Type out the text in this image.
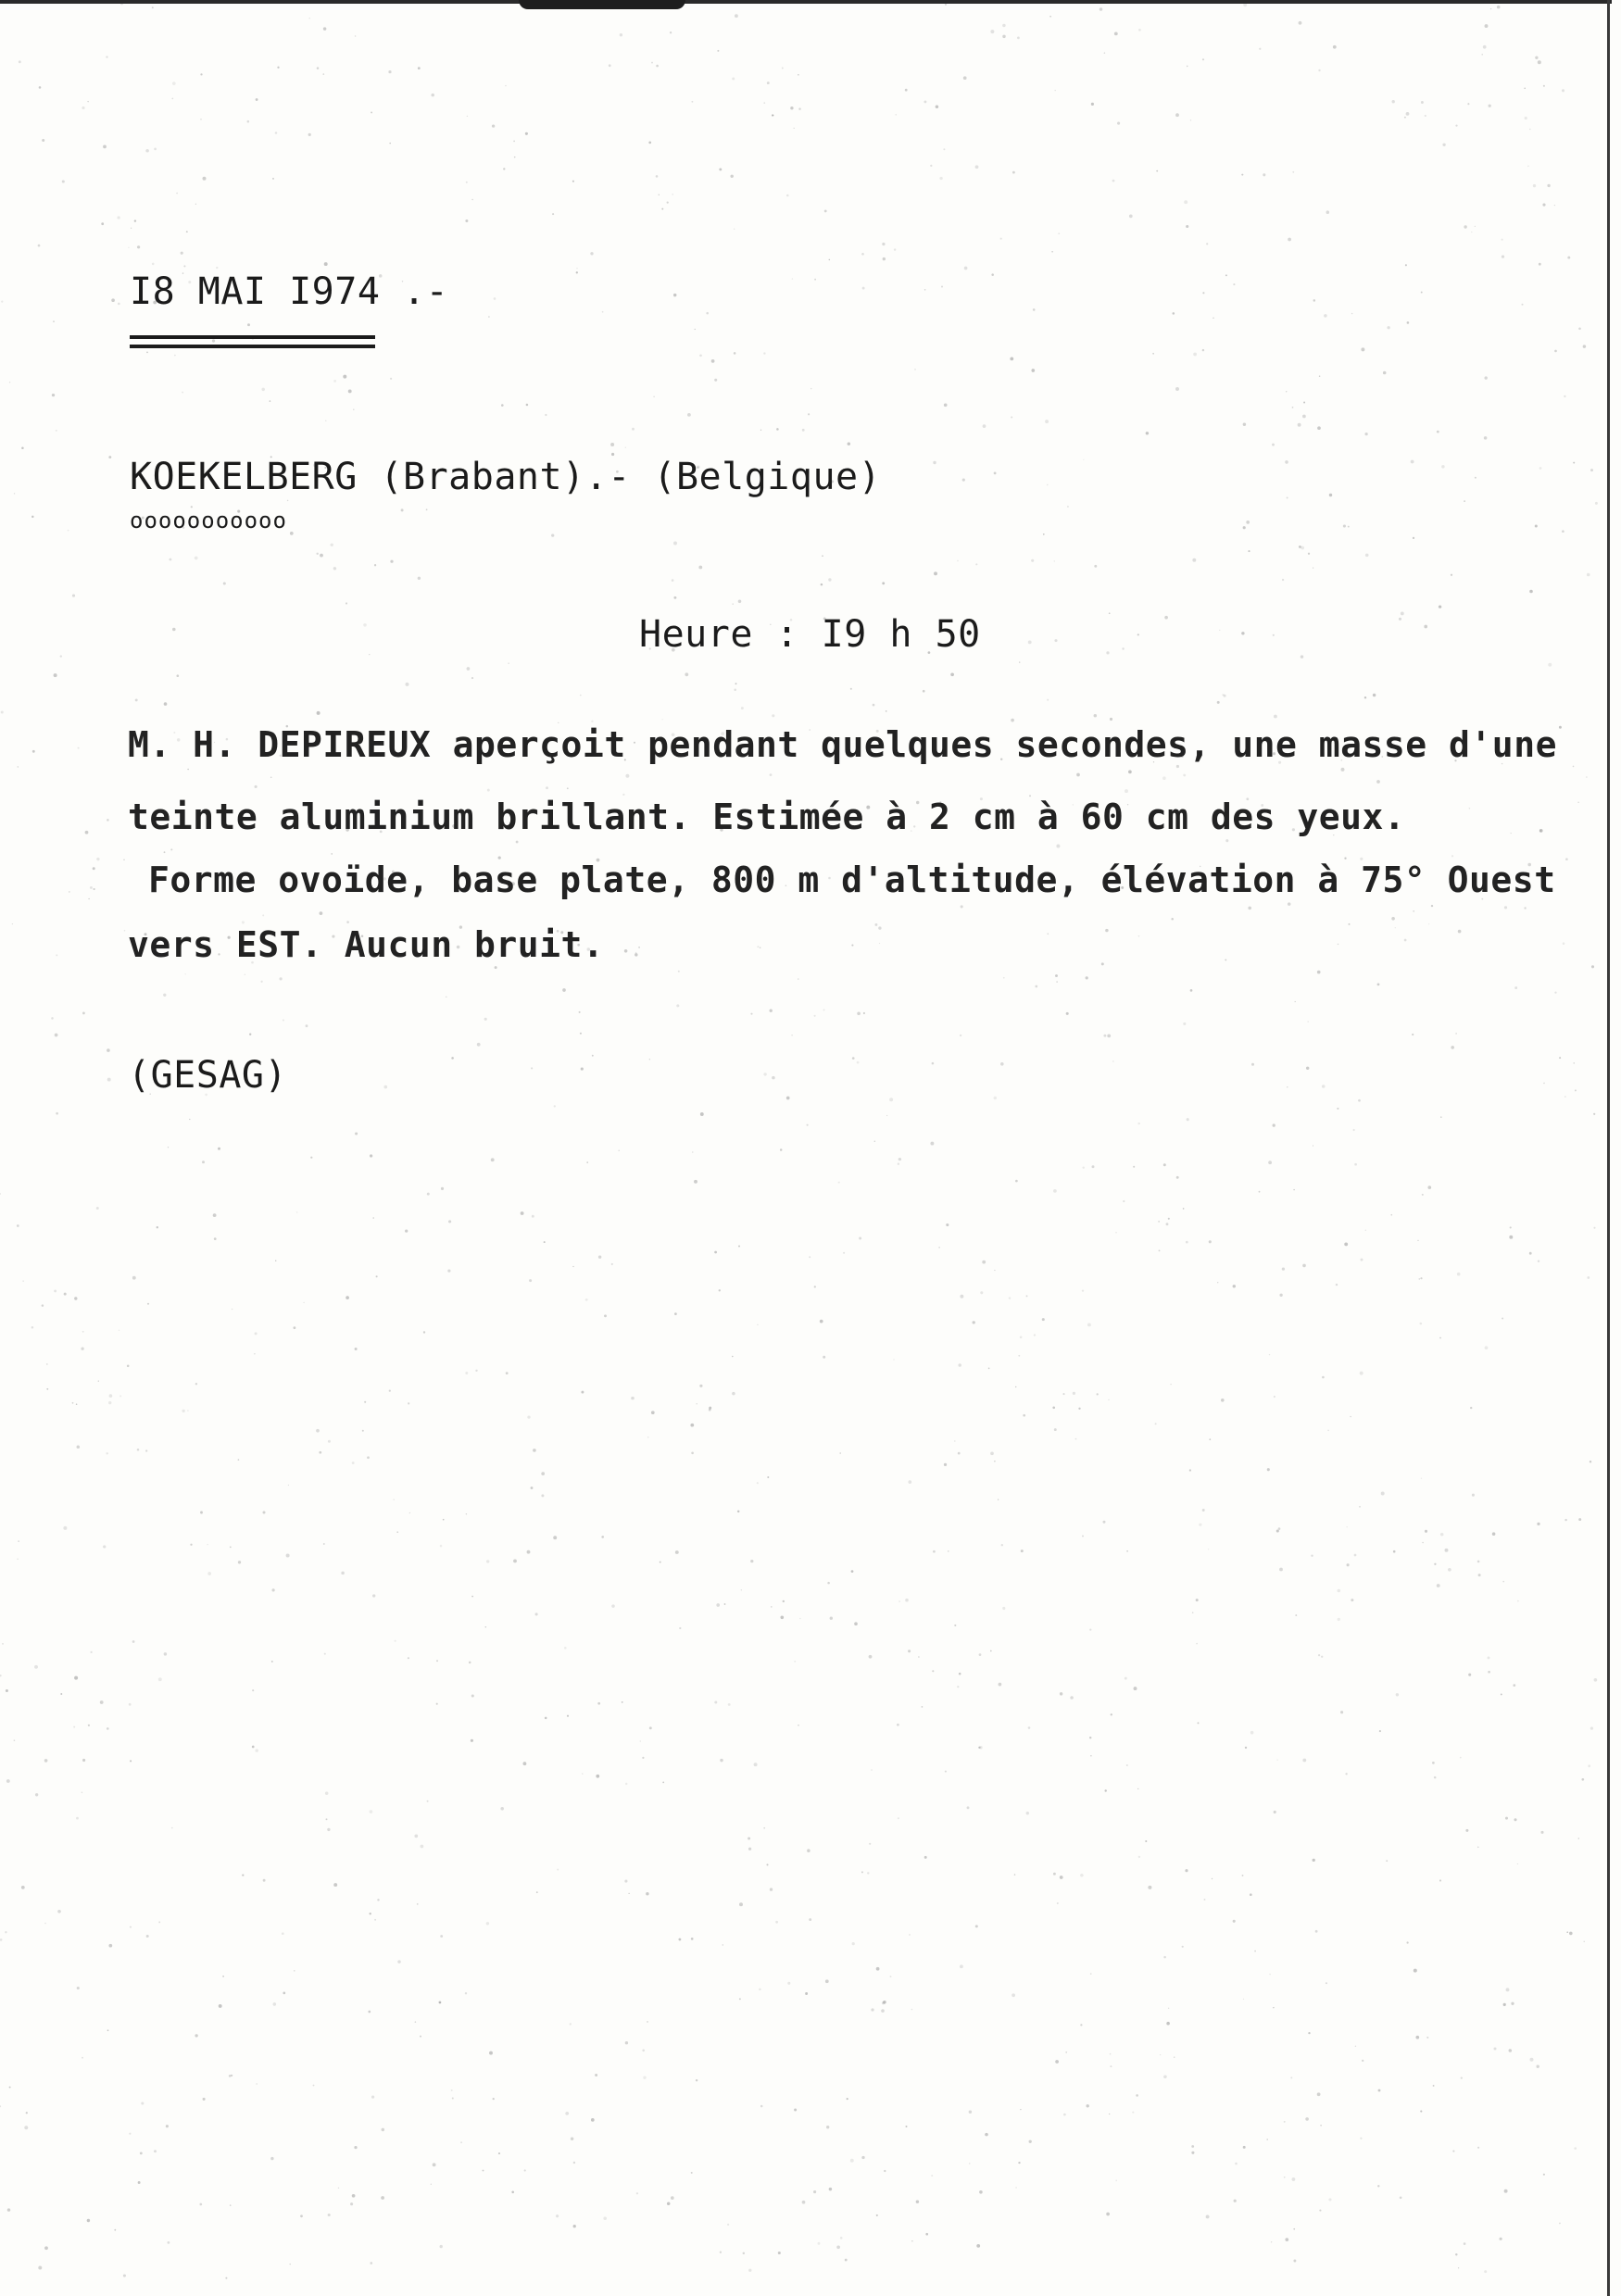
I8 MAI I974 .-

KOEKELBERG (Brabant).- (Belgique)

ooooooooooo

Heure : I9 h 50

M. H. DEPIREUX aperçoit pendant quelques secondes, une masse d'une

teinte aluminium brillant. Estimée à 2 cm à 60 cm des yeux.

Forme ovoïde, base plate, 800 m d'altitude, élévation à 75° Ouest

vers EST. Aucun bruit.

(GESAG)
